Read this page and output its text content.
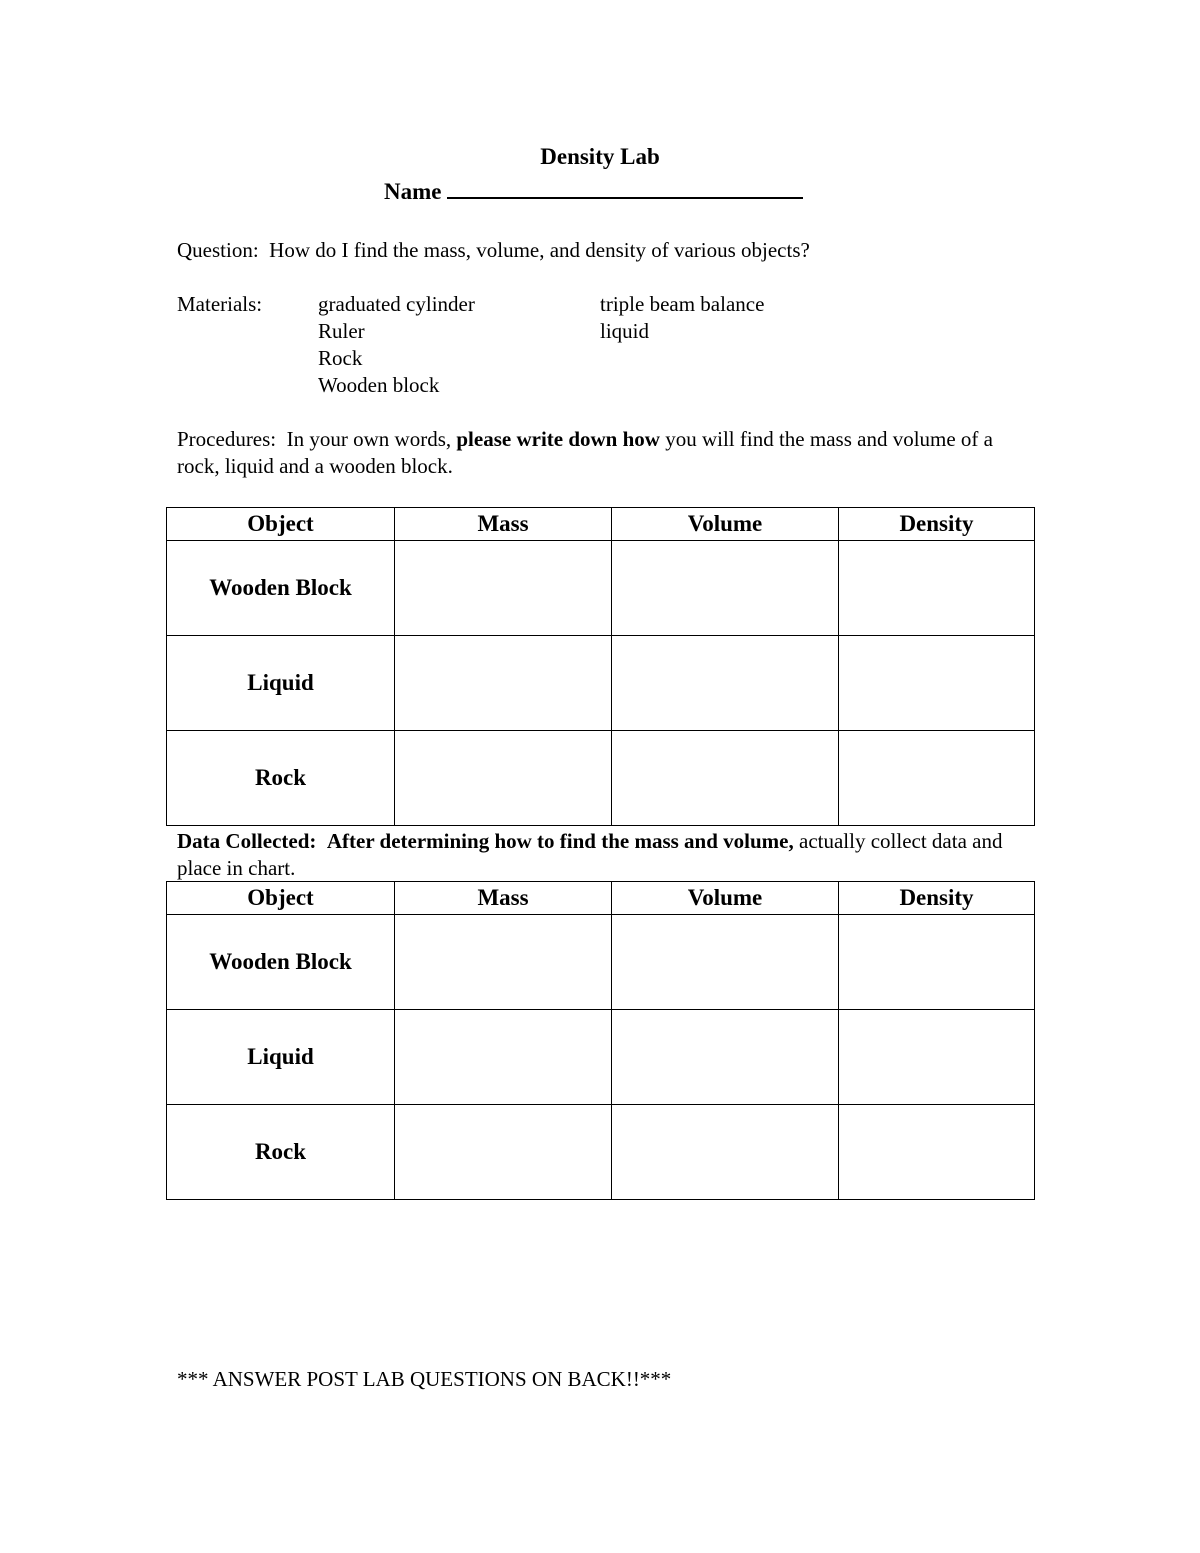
Density Lab
Name
Question: How do I find the mass, volume, and density of various objects?
Materials:	graduated cylinder
Ruler
Rock
Wooden block
triple beam balance
liquid
Procedures: In your own words, please write down how you will find the mass and volume of a rock, liquid and a wooden block.
Object	Mass	Volume	Density
Wooden Block			
Liquid			
Rock			
Data Collected: After determining how to find the mass and volume, actually collect data and place in chart.
Object	Mass	Volume	Density
Wooden Block			
Liquid			
Rock			
*** ANSWER POST LAB QUESTIONS ON BACK!!***
